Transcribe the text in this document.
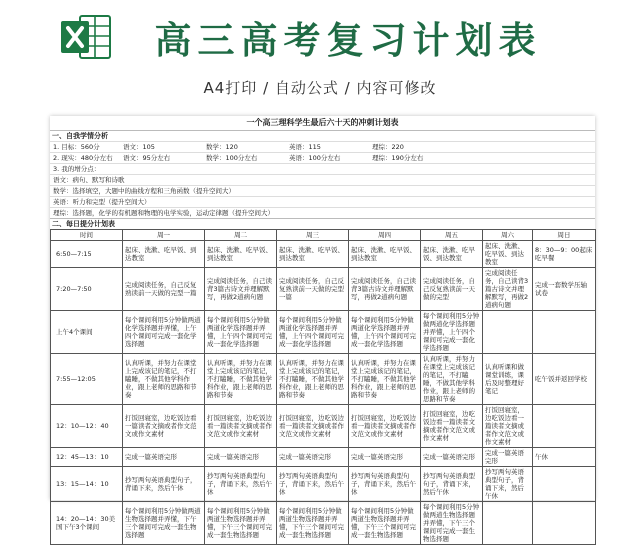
高三高考复习计划表
A4打印 / 自动公式 / 内容可修改
一个高三理科学生最后六十天的冲刺计划表
一、自我学情分析
1. 目标：560分	语文：105	数学：120	英语：115	理综：220
2. 现实：480分左右	语文：95分左右	数学：100分左右	英语：100分左右	理综：190分左右
3. 我的增分点：
语文：病句、默写和诗歌
数学：选择填空，大题中的曲线方程和三角函数（提升空间大）
英语：听力和完型（提升空间大）
理综：选择题，化学的有机题和物理的电学实验，运动定律题（提升空间大）
二、每日提分计划表
时间	周一	周二	周三	周四	周五	周六	周日
6:50—7:15	起床、洗漱、吃早饭、到达教室	起床、洗漱、吃早饭、到达教室	起床、洗漱、吃早饭、到达教室	起床、洗漱、吃早饭、到达教室	起床、洗漱、吃早饭、到达教室	起床、洗漱、吃早饭、到达教室	8：30—9：00起床吃早餐
7:20—7:50	完成阅读任务，自己反复熟读前一天做的完型一篇	完成阅读任务，自己读背3篇古诗文并理解默写，再做2道病句题	完成阅读任务，自己反复熟读前一天做的完型一篇	完成阅读任务，自己读背3篇古诗文并理解默写，再做2道病句题	完成阅读任务，自己反复熟读前一天做的完型	完成阅读任务，自己读背3篇古诗文并理解默写，再做2道病句题	完成一套数学压轴试卷
上午4个课间	每个课间利用5分钟做两道化学选择题并弄懂，上午四个课间可完成一套化学选择题	每个课间利用5分钟做两道化学选择题并弄懂，上午四个课间可完成一套化学选择题	每个课间利用5分钟做两道化学选择题并弄懂，上午四个课间可完成一套化学选择题	每个课间利用5分钟做两道化学选择题并弄懂，上午四个课间可完成一套化学选择题	每个课间利用5分钟做两道化学选择题并弄懂，上午四个课间可完成一套化学选择题		
7:55—12:05	认真听课，并努力在课堂上完成该记的笔记，不打瞌睡，不做其他学科作业，跟上老师的思路和节奏	认真听课，并努力在课堂上完成该记的笔记，不打瞌睡，不做其他学科作业，跟上老师的思路和节奏	认真听课，并努力在课堂上完成该记的笔记，不打瞌睡，不做其他学科作业，跟上老师的思路和节奏	认真听课，并努力在课堂上完成该记的笔记，不打瞌睡，不做其他学科作业，跟上老师的思路和节奏	认真听课，并努力在课堂上完成该记的笔记，不打瞌睡，不做其他学科作业，跟上老师的思路和节奏	认真听课和做课堂训练，课后及时整理好笔记	吃午饭并返回学校
12：10—12：40	打饭回寝室，边吃饭边看一篇读者文摘或者作文范文或作文素材	打饭回寝室，边吃饭边看一篇读者文摘或者作文范文或作文素材	打饭回寝室，边吃饭边看一篇读者文摘或者作文范文或作文素材	打饭回寝室，边吃饭边看一篇读者文摘或者作文范文或作文素材	打饭回寝室，边吃饭边看一篇读者文摘或者作文范文或作文素材	打饭回寝室，边吃饭边看一篇读者文摘或者作文范文或作文素材	
12：45—13：10	完成一篇英语完形	完成一篇英语完形	完成一篇英语完形	完成一篇英语完形	完成一篇英语完形	完成一篇英语完形	午休
13：15—14：10	抄写两句英语典型句子，背诵下来，然后午休	抄写两句英语典型句子，背诵下来，然后午休	抄写两句英语典型句子，背诵下来，然后午休	抄写两句英语典型句子，背诵下来，然后午休	抄写两句英语典型句子，背诵下来，然后午休	抄写两句英语典型句子，背诵下来，然后午休	
14：20—14：30美国下午3个课间	每个课间利用5分钟做两道生物选择题并弄懂，下午三个课间可完成一套生物选择题	每个课间利用5分钟做两道生物选择题并弄懂，下午三个课间可完成一套生物选择题	每个课间利用5分钟做两道生物选择题并弄懂，下午三个课间可完成一套生物选择题	每个课间利用5分钟做两道生物选择题并弄懂，下午三个课间可完成一套生物选择题	每个课间利用5分钟做两道生物选择题并弄懂，下午三个课间可完成一套生物选择题		
